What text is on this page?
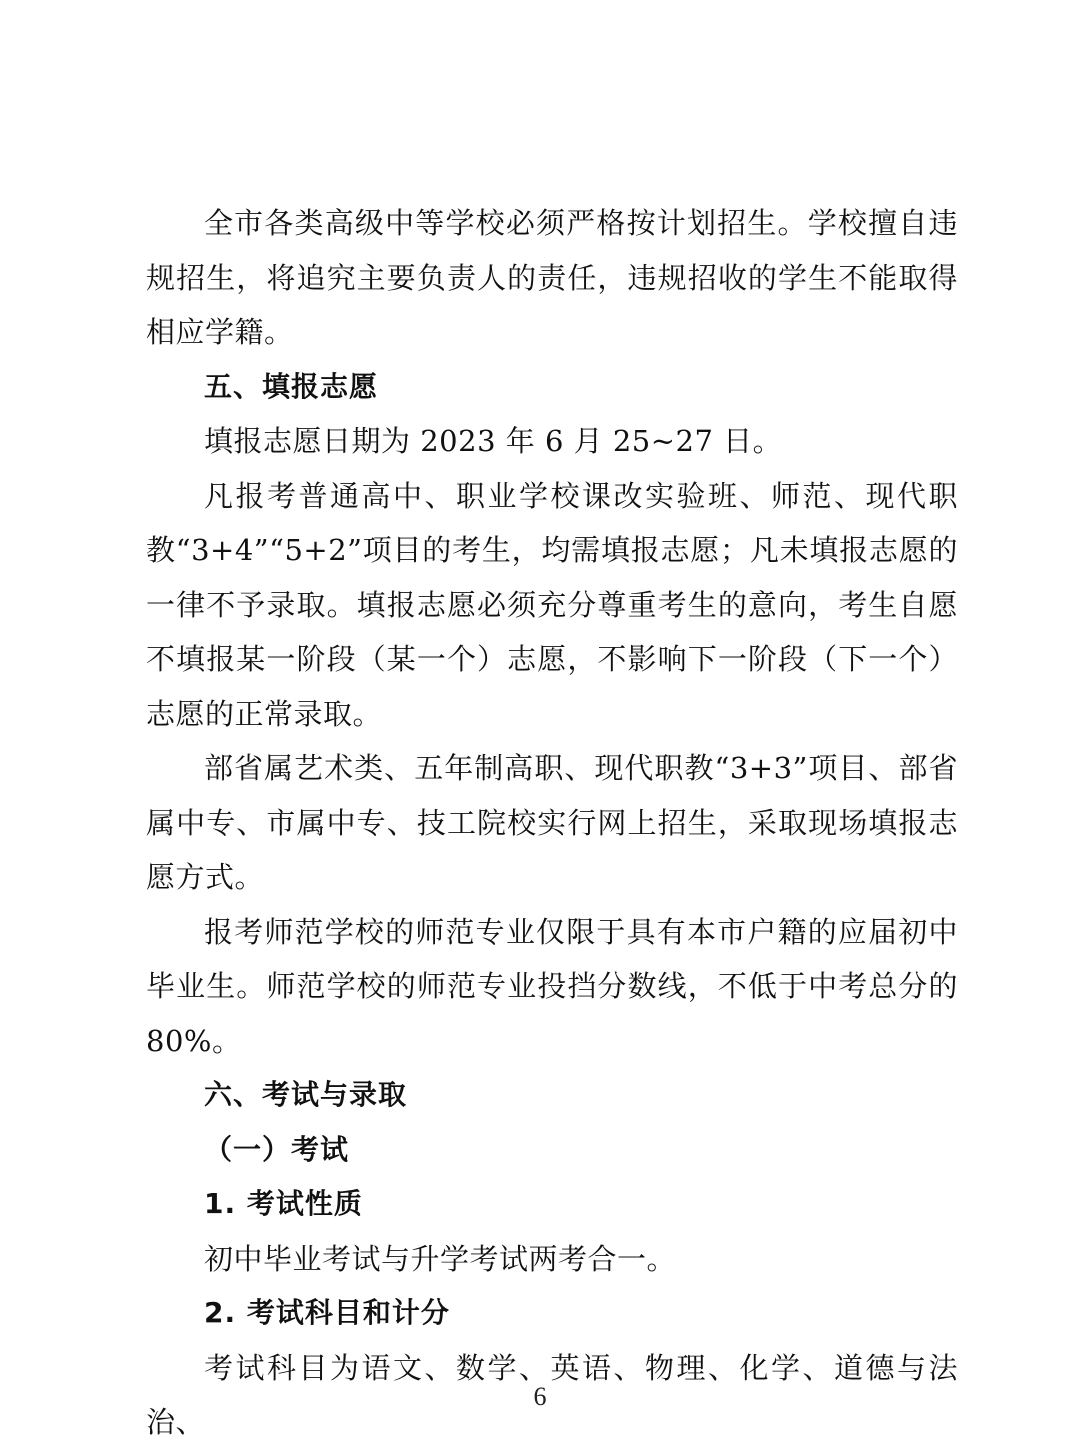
全市各类高级中等学校必须严格按计划招生。学校擅自违规招生，将追究主要负责人的责任，违规招收的学生不能取得相应学籍。

五、填报志愿

填报志愿日期为 2023 年 6 月 25~27 日。

凡报考普通高中、职业学校课改实验班、师范、现代职教“3+4”“5+2”项目的考生，均需填报志愿；凡未填报志愿的一律不予录取。填报志愿必须充分尊重考生的意向，考生自愿不填报某一阶段（某一个）志愿，不影响下一阶段（下一个）志愿的正常录取。

部省属艺术类、五年制高职、现代职教“3+3”项目、部省属中专、市属中专、技工院校实行网上招生，采取现场填报志愿方式。

报考师范学校的师范专业仅限于具有本市户籍的应届初中毕业生。师范学校的师范专业投挡分数线，不低于中考总分的 80%。

六、考试与录取

（一）考试

1. 考试性质

初中毕业考试与升学考试两考合一。

2. 考试科目和计分

考试科目为语文、数学、英语、物理、化学、道德与法治、

6
